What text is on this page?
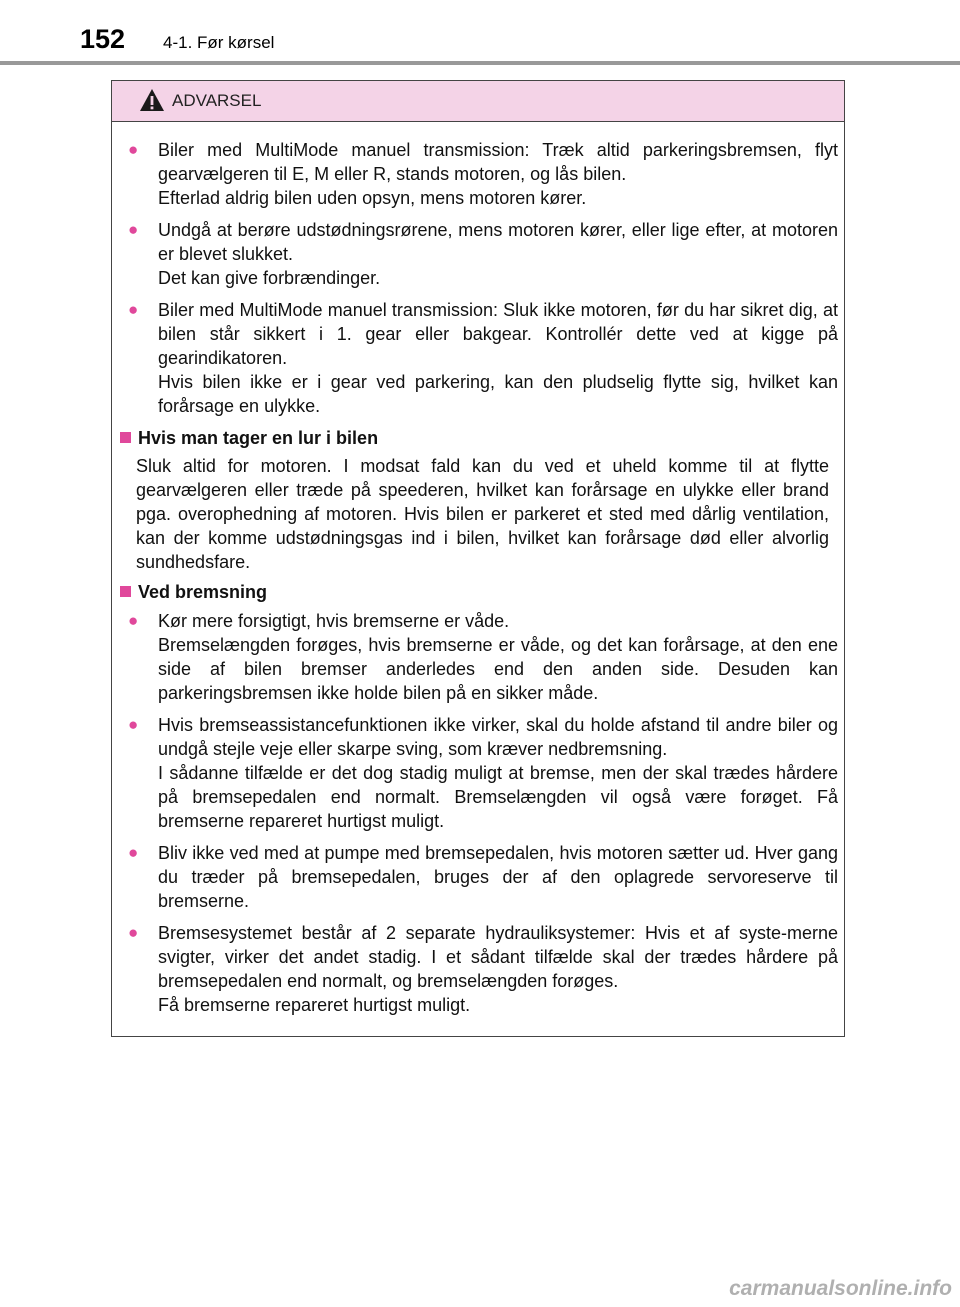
152 4-1. Før kørsel
ADVARSEL
●	Biler med MultiMode manuel transmission: Træk altid parkeringsbremsen, flyt gearvælgeren til E, M eller R, stands motoren, og lås bilen.

Efterlad aldrig bilen uden opsyn, mens motoren kører.

●	Undgå at berøre udstødningsrørene, mens motoren kører, eller lige efter, at motoren er blevet slukket.

Det kan give forbrændinger.

●	Biler med MultiMode manuel transmission: Sluk ikke motoren, før du har sikret dig, at bilen står sikkert i 1. gear eller bakgear. Kontrollér dette ved at kigge på gearindikatoren.

Hvis bilen ikke er i gear ved parkering, kan den pludselig flytte sig, hvilket kan forårsage en ulykke.

Hvis man tager en lur i bilen
Sluk altid for motoren. I modsat fald kan du ved et uheld komme til at flytte gearvælgeren eller træde på speederen, hvilket kan forårsage en ulykke eller brand pga. overophedning af motoren. Hvis bilen er parkeret et sted med dårlig ventilation, kan der komme udstødningsgas ind i bilen, hvilket kan forårsage død eller alvorlig sundhedsfare.
Ved bremsning
●	Kør mere forsigtigt, hvis bremserne er våde.

Bremselængden forøges, hvis bremserne er våde, og det kan forårsage, at den ene side af bilen bremser anderledes end den anden side. Desuden kan parkeringsbremsen ikke holde bilen på en sikker måde.

●	Hvis bremseassistancefunktionen ikke virker, skal du holde afstand til andre biler og undgå stejle veje eller skarpe sving, som kræver nedbremsning.

I sådanne tilfælde er det dog stadig muligt at bremse, men der skal trædes hårdere på bremsepedalen end normalt. Bremselængden vil også være forøget. Få bremserne repareret hurtigst muligt.

●	Bliv ikke ved med at pumpe med bremsepedalen, hvis motoren sætter ud. Hver gang du træder på bremsepedalen, bruges der af den oplagrede servoreserve til bremserne.

●	Bremsesystemet består af 2 separate hydrauliksystemer: Hvis et af syste-merne svigter, virker det andet stadig. I et sådant tilfælde skal der trædes hårdere på bremsepedalen end normalt, og bremselængden forøges.

Få bremserne repareret hurtigst muligt.

carmanualsonline.info
